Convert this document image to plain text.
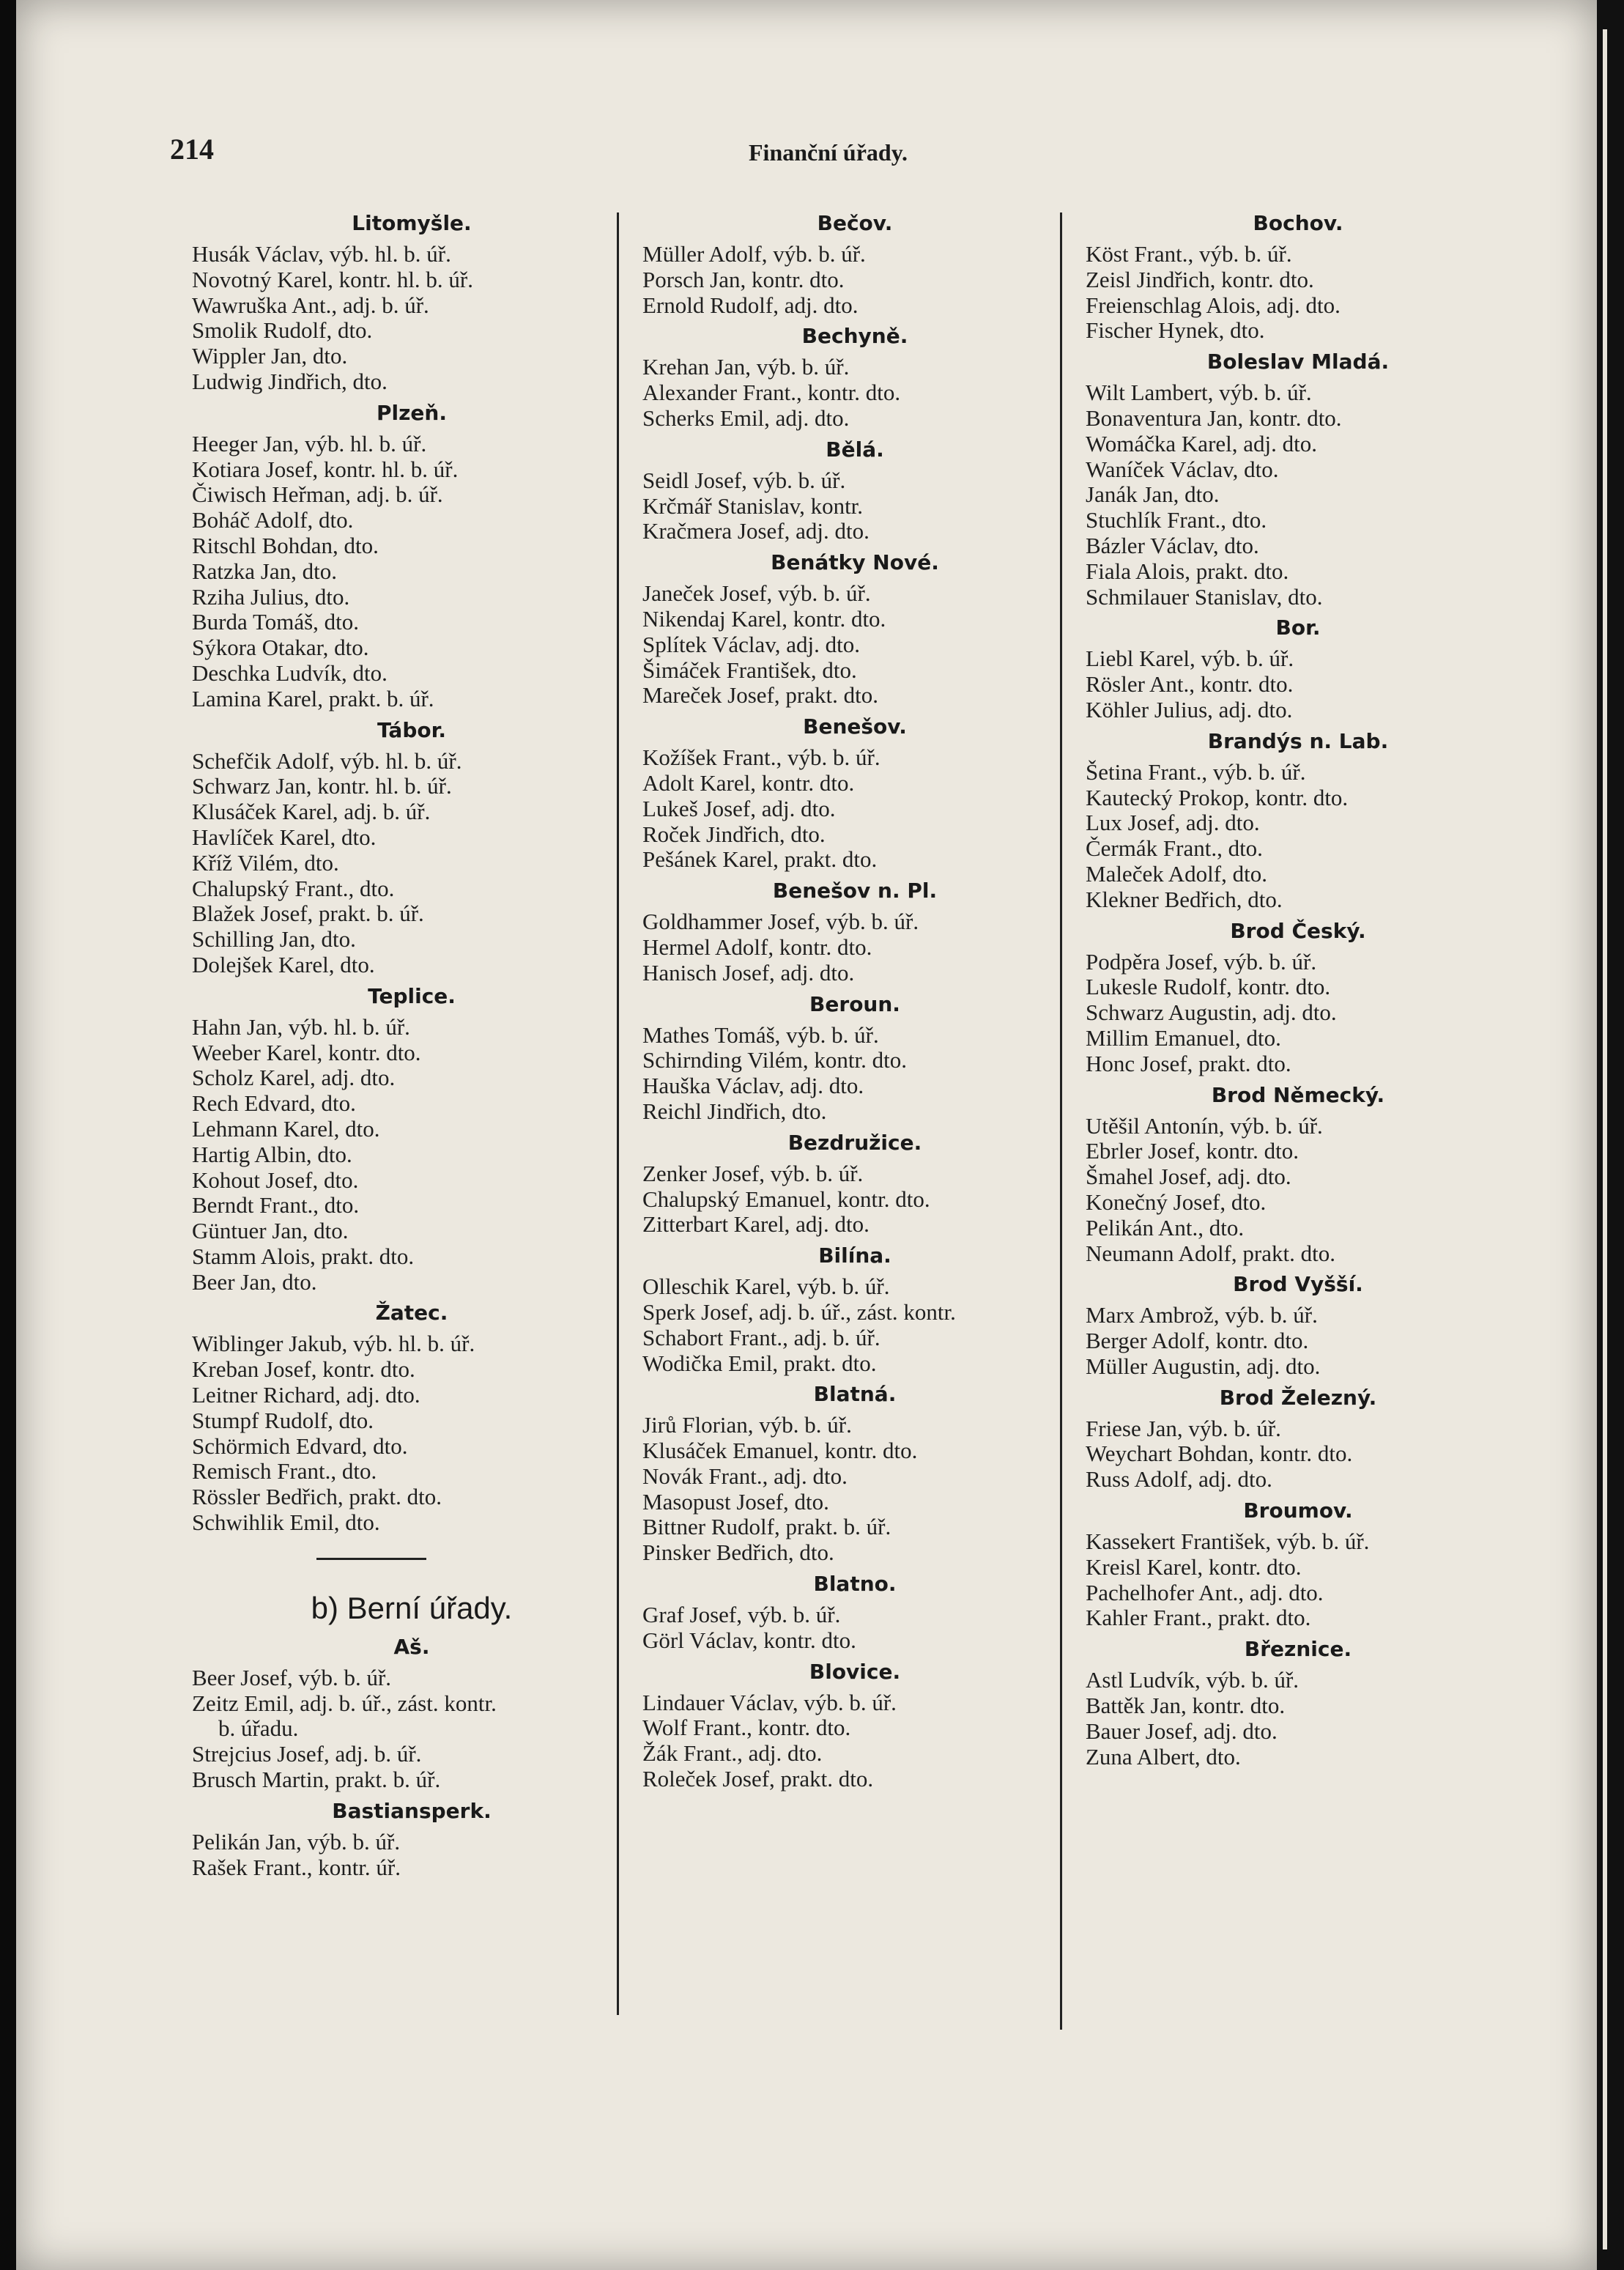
214	Finanční úřady.
Litomyšle.
Husák Václav, výb. hl. b. úř.
Novotný Karel, kontr. hl. b. úř.
Wawruška Ant., adj. b. úř.
Smolik Rudolf, dto.
Wippler Jan, dto.
Ludwig Jindřich, dto.
Plzeň.
Heeger Jan, výb. hl. b. úř.
Kotiara Josef, kontr. hl. b. úř.
Čiwisch Heřman, adj. b. úř.
Boháč Adolf, dto.
Ritschl Bohdan, dto.
Ratzka Jan, dto.
Rziha Julius, dto.
Burda Tomáš, dto.
Sýkora Otakar, dto.
Deschka Ludvík, dto.
Lamina Karel, prakt. b. úř.
Tábor.
Schefčik Adolf, výb. hl. b. úř.
Schwarz Jan, kontr. hl. b. úř.
Klusáček Karel, adj. b. úř.
Havlíček Karel, dto.
Kříž Vilém, dto.
Chalupský Frant., dto.
Blažek Josef, prakt. b. úř.
Schilling Jan, dto.
Dolejšek Karel, dto.
Teplice.
Hahn Jan, výb. hl. b. úř.
Weeber Karel, kontr. dto.
Scholz Karel, adj. dto.
Rech Edvard, dto.
Lehmann Karel, dto.
Hartig Albin, dto.
Kohout Josef, dto.
Berndt Frant., dto.
Güntuer Jan, dto.
Stamm Alois, prakt. dto.
Beer Jan, dto.
Žatec.
Wiblinger Jakub, výb. hl. b. úř.
Kreban Josef, kontr. dto.
Leitner Richard, adj. dto.
Stumpf Rudolf, dto.
Schörmich Edvard, dto.
Remisch Frant., dto.
Rössler Bedřich, prakt. dto.
Schwihlik Emil, dto.
b) Berní úřady.
Aš.
Beer Josef, výb. b. úř.
Zeitz Emil, adj. b. úř., zást. kontr.
b. úřadu.
Strejcius Josef, adj. b. úř.
Brusch Martin, prakt. b. úř.
Bastiansperk.
Pelikán Jan, výb. b. úř.
Rašek Frant., kontr. úř.
Bečov.
Müller Adolf, výb. b. úř.
Porsch Jan, kontr. dto.
Ernold Rudolf, adj. dto.
Bechyně.
Krehan Jan, výb. b. úř.
Alexander Frant., kontr. dto.
Scherks Emil, adj. dto.
Bělá.
Seidl Josef, výb. b. úř.
Krčmář Stanislav, kontr.
Kračmera Josef, adj. dto.
Benátky Nové.
Janeček Josef, výb. b. úř.
Nikendaj Karel, kontr. dto.
Splítek Václav, adj. dto.
Šimáček František, dto.
Mareček Josef, prakt. dto.
Benešov.
Kožíšek Frant., výb. b. úř.
Adolt Karel, kontr. dto.
Lukeš Josef, adj. dto.
Roček Jindřich, dto.
Pešánek Karel, prakt. dto.
Benešov n. Pl.
Goldhammer Josef, výb. b. úř.
Hermel Adolf, kontr. dto.
Hanisch Josef, adj. dto.
Beroun.
Mathes Tomáš, výb. b. úř.
Schirnding Vilém, kontr. dto.
Hauška Václav, adj. dto.
Reichl Jindřich, dto.
Bezdružice.
Zenker Josef, výb. b. úř.
Chalupský Emanuel, kontr. dto.
Zitterbart Karel, adj. dto.
Bilína.
Olleschik Karel, výb. b. úř.
Sperk Josef, adj. b. úř., zást. kontr.
Schabort Frant., adj. b. úř.
Wodička Emil, prakt. dto.
Blatná.
Jirů Florian, výb. b. úř.
Klusáček Emanuel, kontr. dto.
Novák Frant., adj. dto.
Masopust Josef, dto.
Bittner Rudolf, prakt. b. úř.
Pinsker Bedřich, dto.
Blatno.
Graf Josef, výb. b. úř.
Görl Václav, kontr. dto.
Blovice.
Lindauer Václav, výb. b. úř.
Wolf Frant., kontr. dto.
Žák Frant., adj. dto.
Roleček Josef, prakt. dto.
Bochov.
Köst Frant., výb. b. úř.
Zeisl Jindřich, kontr. dto.
Freienschlag Alois, adj. dto.
Fischer Hynek, dto.
Boleslav Mladá.
Wilt Lambert, výb. b. úř.
Bonaventura Jan, kontr. dto.
Womáčka Karel, adj. dto.
Waníček Václav, dto.
Janák Jan, dto.
Stuchlík Frant., dto.
Bázler Václav, dto.
Fiala Alois, prakt. dto.
Schmilauer Stanislav, dto.
Bor.
Liebl Karel, výb. b. úř.
Rösler Ant., kontr. dto.
Köhler Julius, adj. dto.
Brandýs n. Lab.
Šetina Frant., výb. b. úř.
Kautecký Prokop, kontr. dto.
Lux Josef, adj. dto.
Čermák Frant., dto.
Maleček Adolf, dto.
Klekner Bedřich, dto.
Brod Český.
Podpěra Josef, výb. b. úř.
Lukesle Rudolf, kontr. dto.
Schwarz Augustin, adj. dto.
Millim Emanuel, dto.
Honc Josef, prakt. dto.
Brod Německý.
Utěšil Antonín, výb. b. úř.
Ebrler Josef, kontr. dto.
Šmahel Josef, adj. dto.
Konečný Josef, dto.
Pelikán Ant., dto.
Neumann Adolf, prakt. dto.
Brod Vyšší.
Marx Ambrož, výb. b. úř.
Berger Adolf, kontr. dto.
Müller Augustin, adj. dto.
Brod Železný.
Friese Jan, výb. b. úř.
Weychart Bohdan, kontr. dto.
Russ Adolf, adj. dto.
Broumov.
Kassekert František, výb. b. úř.
Kreisl Karel, kontr. dto.
Pachelhofer Ant., adj. dto.
Kahler Frant., prakt. dto.
Březnice.
Astl Ludvík, výb. b. úř.
Battěk Jan, kontr. dto.
Bauer Josef, adj. dto.
Zuna Albert, dto.
